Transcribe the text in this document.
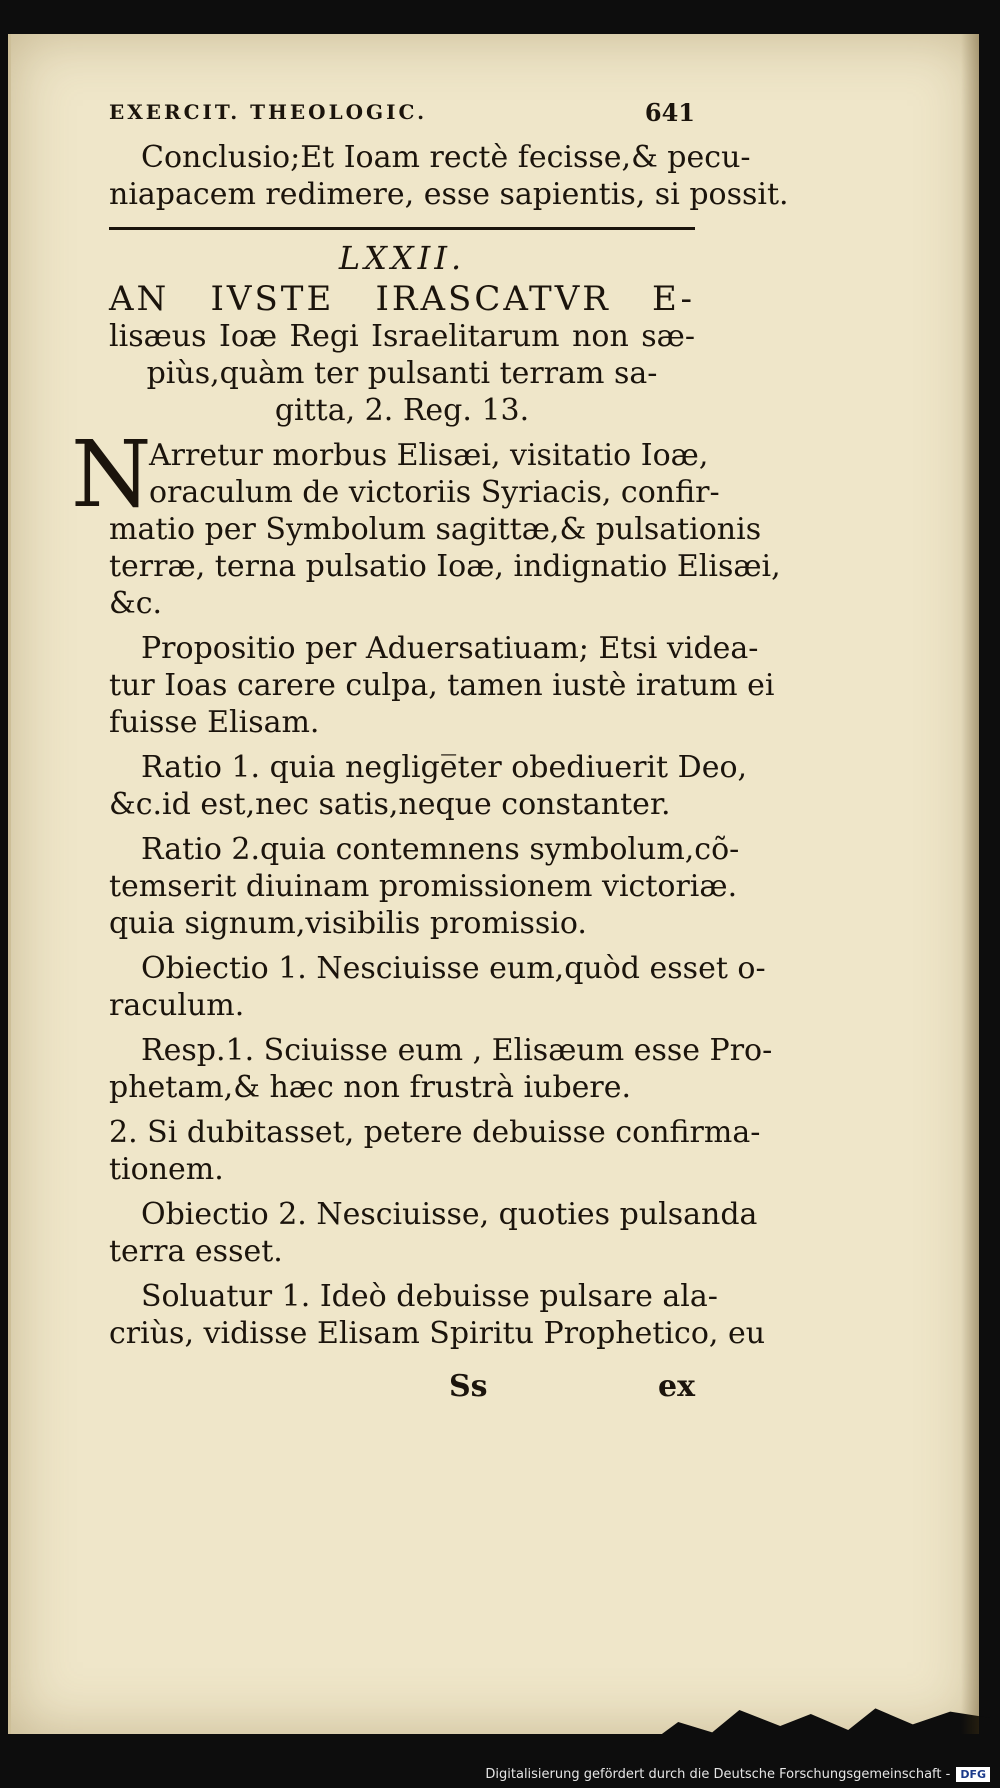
EXERCIT. THEOLOGIC.	641
Conclusio;Et Ioam rectè fecisse,& pecu-
niapacem redimere, esse sapientis, si possit.
LXXII.
AN IVSTE IRASCATVR E-
lisæus Ioæ Regi Israelitarum non sæ-
piùs,quàm ter pulsanti terram sa-
gitta, 2. Reg. 13.
N
Arretur morbus Elisæi, visitatio Ioæ,
oraculum de victoriis Syriacis, confir-
matio per Symbolum sagittæ,& pulsationis
terræ, terna pulsatio Ioæ, indignatio Elisæi,
&c.
Propositio per Aduersatiuam; Etsi videa-
tur Ioas carere culpa, tamen iustè iratum ei
fuisse Elisam.
Ratio 1. quia neglige̅ter obediuerit Deo,
&c.id est,nec satis,neque constanter.
Ratio 2.quia contemnens symbolum,cõ-
temserit diuinam promissionem victoriæ.
quia signum,visibilis promissio.
Obiectio 1. Nesciuisse eum,quòd esset o-
raculum.
Resp.1. Sciuisse eum , Elisæum esse Pro-
phetam,& hæc non frustrà iubere.
2. Si dubitasset, petere debuisse confirma-
tionem.
Obiectio 2. Nesciuisse, quoties pulsanda
terra esset.
Soluatur 1. Ideò debuisse pulsare ala-
criùs, vidisse Elisam Spiritu Prophetico, eu
Ss	ex
Digitalisierung gefördert durch die Deutsche Forschungsgemeinschaft - DFG
